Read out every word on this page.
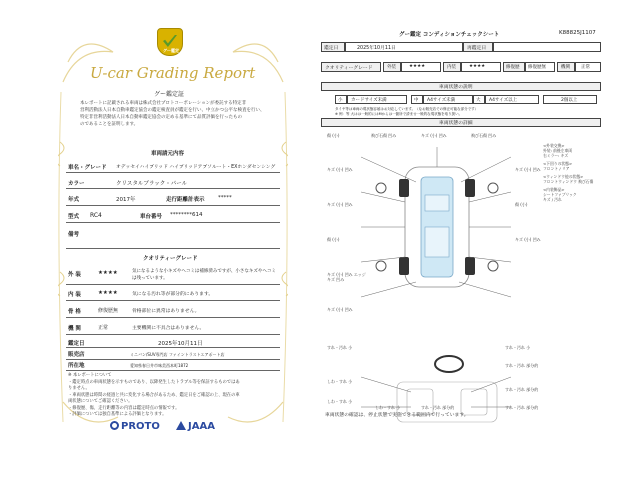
グー鑑定
U-car Grading Report
グー鑑定証
本レポートに記載される車両は株式会社プロトコーポレーションが委託する特定非
営利活動法人日本自動車鑑定協会の鑑定検査員が鑑定を行い、中立かつ公平な検査を行い、
特定非営利活動法人日本自動車鑑定協会の定める基準にて品質評価を行ったもの
のであることを証明します。
車両請元内容
車名・グレード オデッセイハイブリッド ハイブリッドアブソルート・EXホンダセンシング
カラー	クリスタルブラック・パール
年式	2017年	走行距離計表示 *****
型式 RC4	車台番号 ********614
備考
クオリティーグレード
外 装	★★★★	気になるような小キズやヘコミは補修済みですが、小さなキズやヘコミは残っています。
内 装	★★★★	気になる汚れ等が部分的にあります。
骨 格	修復歴無	骨格部位に異常はありません。
機 関	正常	主要機関に不具合はありません。
鑑定日	2025年10月11日
販売店	ミニバン/SUV専門店 ファイントラストエアポート店
所在地	愛知県春日井市味美西本町1872
※ 本レポートについて
・鑑定時点の車両状態を示すものであり、以降発生したトラブル等を保証するものではありません。
・車両状態は時間の経過と共に変化する場合があるため、鑑定日をご確認の上、現在の車両状態についてご確認ください。
・修復歴、傷、走行距離等の内容は鑑定時点の情報です。
・評価については独自基準による評価となります。
PROTO	JAAA
グー鑑定 コンディションチェックシート	K88825J1107
鑑定日	2025年10月11日	再鑑定日
クオリティーグレード	外装	★★★★	内装	★★★★	修復歴 修復歴無	機関 正常
車両状態の説明
小 カードサイズ未満	中 A4サイズ未満	大 A4サイズ以上	2個以上
タイヤ等は車両の現状態容赦はお対応しています。（なお販売店での修正可能な部分です）
※ 例：等 大はは一般的にはMからは一箇所で済ませ一般的な現状態を取り扱い。
車両状態の詳細
傷 (小)
キズ (小) 凹み
キズ (小) 凹み
傷 (小)
キズ (小) 凹み エッジキズ 凹み
キズ (小) 凹み
飛び石傷 凹み	キズ (小) 凹み	飛び石傷 凹み
キズ (小) 凹み
傷 (小)
キズ (小) 凹み
<外装交換>
外装: 前後左車両
右ミラー: キズ
<下回りの状態>
フロント / リア
<ウィンドウ他の状態>
フロントウィンドウ 飛び石傷
<内装飾品>
シートファブリック
キズ / 汚れ
すれ・汚れ 小	すれ・汚れ 小
すれ・汚れ 部分的
すれ・汚れ 部分的
しわ・すれ 小
しわ・すれ 小
すれ・汚れ 部分的
すれ・汚れ 部分的
しわ・すれ 小
車両状態の確認は、停止状態で実施できる範囲内で行っています。
